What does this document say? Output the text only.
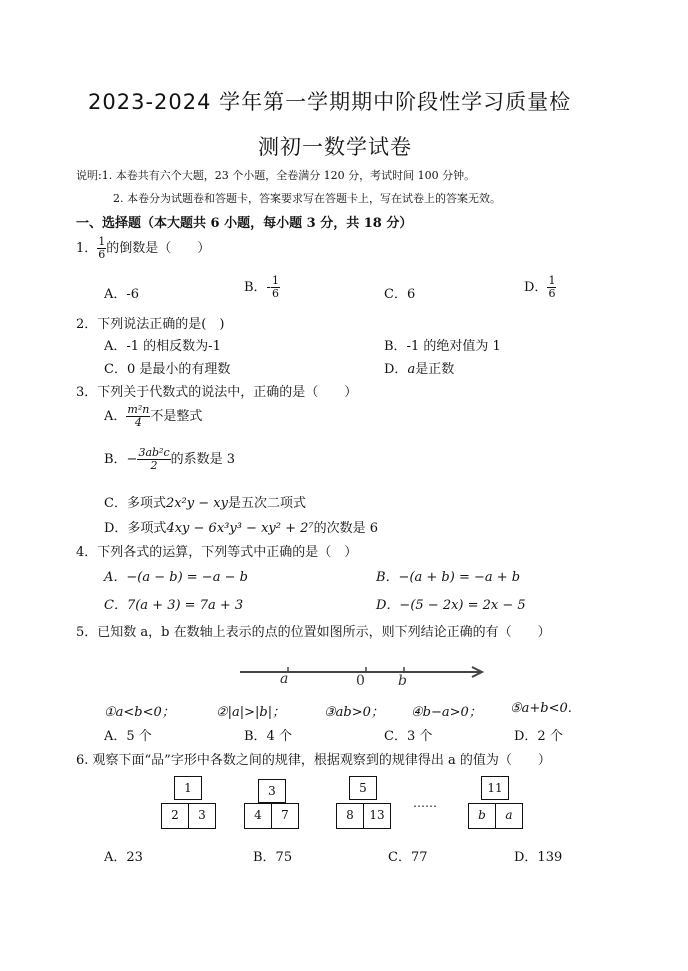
2023-2024 学年第一学期期中阶段性学习质量检
测初一数学试卷
说明:1. 本卷共有六个大题，23 个小题，全卷满分 120 分，考试时间 100 分钟。
2. 本卷分为试题卷和答题卡，答案要求写在答题卡上，写在试卷上的答案无效。
一、选择题（本大题共 6 小题，每小题 3 分，共 18 分）
1． $\frac{1}{6}$ 的倒数是（　　）
A．-6	B．- $\frac{1}{6}$	C．6	D． $\frac{1}{6}$
2．下列说法正确的是(　)
A．-1 的相反数为-1	B．-1 的绝对值为 1
C．0 是最小的有理数	D．a是正数
3．下列关于代数式的说法中，正确的是（　　）
A． $\frac{\text{m²n}}{4}$ 不是整式
B．− $\frac{\text{3ab²c}}{2}$ 的系数是 3
C．多项式2x²y − xy是五次二项式
D．多项式4xy − 6x³y³ − xy² + 2⁷的次数是 6
4．下列各式的运算，下列等式中正确的是（　）
A．−(a − b) = −a − b	B．−(a + b) = −a + b
C．7(a + 3) = 7a + 3	D．−(5 − 2x) = 2x − 5
5．已知数 a，b 在数轴上表示的点的位置如图所示，则下列结论正确的有（　　）
a	0 b
①a<b<0；	②|a|>|b|；	③ab>0； ④b−a>0； ⑤a+b<0.
A．5 个	B．4 个	C．3 个	D．2 个
6. 观察下面“品”字形中各数之间的规律，根据观察到的规律得出 a 的值为（　　）
1
2	3
3
4	7
5
8	13
……
11
b	a
A．23	B．75	C．77	D．139
